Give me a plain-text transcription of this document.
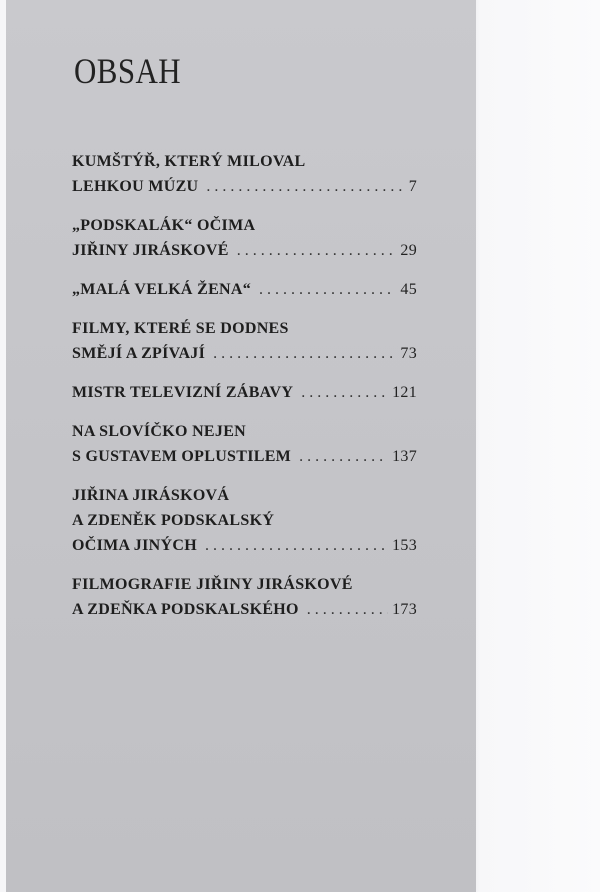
OBSAH
KUMŠTÝŘ, KTERÝ MILOVAL
LEHKOU MÚZU . . .	7
„PODSKALÁK“ OČIMA
JIŘINY JIRÁSKOVÉ . . .	29
„MALÁ VELKÁ ŽENA“ . . .	45
FILMY, KTERÉ SE DODNES
SMĚJÍ A ZPÍVAJÍ . . .	73
MISTR TELEVIZNÍ ZÁBAVY . . .	121
NA SLOVÍČKO NEJEN
S GUSTAVEM OPLUSTILEM . . .	137
JIŘINA JIRÁSKOVÁ
A ZDENĚK PODSKALSKÝ
OČIMA JINÝCH . . .	153
FILMOGRAFIE JIŘINY JIRÁSKOVÉ
A ZDEŇKA PODSKALSKÉHO . . .	173
